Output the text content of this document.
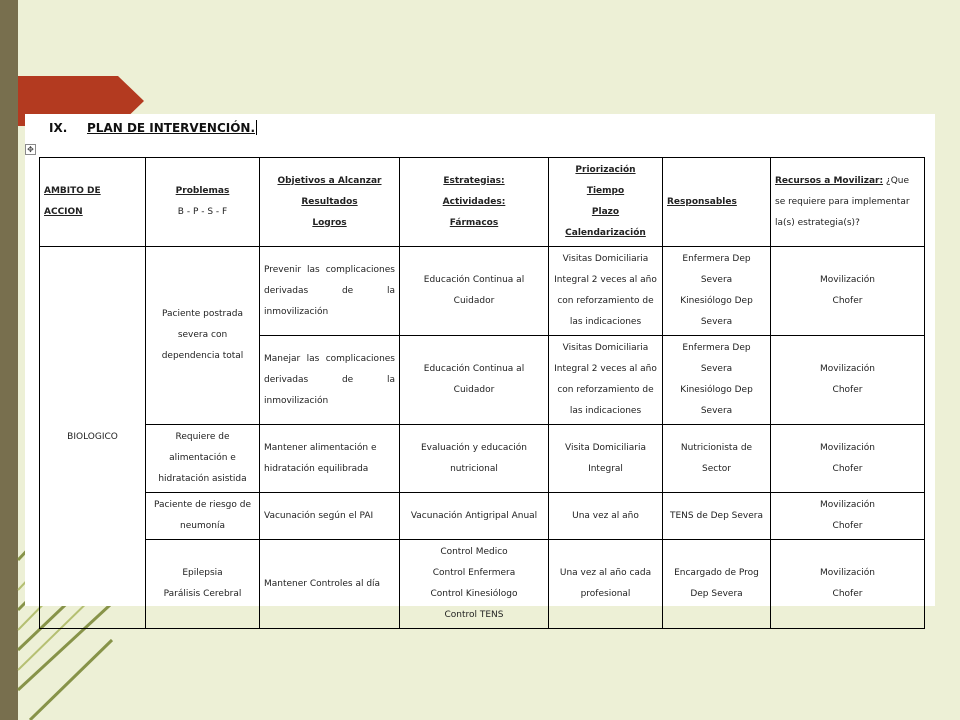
IX. PLAN DE INTERVENCIÓN.
✥
AMBITO DE ACCION	Problemas
B - P - S - F	Objetivos a Alcanzar
Resultados
Logros	Estrategias:
Actividades:
Fármacos	Priorización
Tiempo
Plazo Calendarización	Responsables	Recursos a Movilizar: ¿Que se requiere para implementar la(s) estrategia(s)?
BIOLOGICO	Paciente postrada severa con dependencia total	Prevenir las complicaciones derivadas de la inmovilización	Educación Continua al Cuidador	Visitas Domiciliaria Integral 2 veces al año con reforzamiento de las indicaciones	Enfermera Dep
Severa
Kinesiólogo Dep
Severa	Movilización
Chofer

		Manejar las complicaciones derivadas de la inmovilización	Educación Continua al Cuidador	Visitas Domiciliaria Integral 2 veces al año con reforzamiento de las indicaciones	Enfermera Dep
Severa
Kinesiólogo Dep
Severa	Movilización
Chofer

	Requiere de alimentación e hidratación asistida	Mantener alimentación e hidratación equilibrada	Evaluación y educación nutricional	Visita Domiciliaria Integral	Nutricionista de
Sector	Movilización
Chofer

	Paciente de riesgo de neumonía	Vacunación según el PAI	Vacunación Antigripal Anual	Una vez al año	TENS de Dep Severa	Movilización
Chofer

	Epilepsia
Parálisis Cerebral	Mantener Controles al día	Control Medico
Control Enfermera
Control Kinesiólogo
Control TENS	Una vez al año cada profesional	Encargado de Prog
Dep Severa	Movilización
Chofer
